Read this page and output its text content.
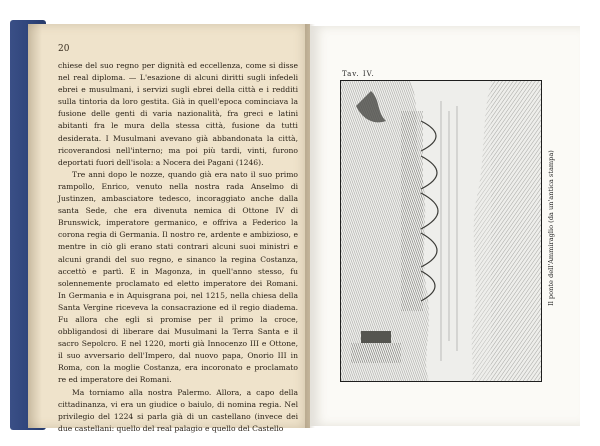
20

chiese del suo regno per dignità ed eccellenza, come si disse nel real diploma. — L'esazione di alcuni diritti sugli infedeli ebrei e musulmani, i servizi sugli ebrei della città e i redditi sulla tintoria da loro gestita. Già in quell'epoca cominciava la fusione delle genti di varia nazionalità, fra greci e latini abitanti fra le mura della stessa città, fusione da tutti desiderata. I Musulmani avevano già abbandonata la città, ricoverandosi nell'interno; ma poi più tardi, vinti, furono deportati fuori dell'isola: a Nocera dei Pagani (1246).

Tre anni dopo le nozze, quando già era nato il suo primo rampollo, Enrico, venuto nella nostra rada Anselmo di Justinzen, ambasciatore tedesco, incoraggiato anche dalla santa Sede, che era divenuta nemica di Ottone IV di Brunswick, imperatore germanico, e offriva a Federico la corona regia di Germania. Il nostro re, ardente e ambizioso, e mentre in ciò gli erano stati contrari alcuni suoi ministri e alcuni grandi del suo regno, e sinanco la regina Costanza, accettò e partì. E in Magonza, in quell'anno stesso, fu solennemente proclamato ed eletto imperatore dei Romani. In Germania e in Aquisgrana poi, nel 1215, nella chiesa della Santa Vergine riceveva la consacrazione ed il regio diadema. Fu allora che egli si promise per il primo la croce, obbligandosi di liberare dai Musulmani la Terra Santa e il sacro Sepolcro. E nel 1220, morti già Innocenzo III e Ottone, il suo avversario dell'Impero, dal nuovo papa, Onorio III in Roma, con la moglie Costanza, era incoronato e proclamato re ed imperatore dei Romani.

Ma torniamo alla nostra Palermo. Allora, a capo della cittadinanza, vi era un giudice o baiulo, di nomina regia. Nel privilegio del 1224 si parla già di un castellano (invece dei due castellani: quello del real palagio e quello del Castello

Tav. IV.
Il ponte dell'Ammiraglio (da un'antica stampa)
